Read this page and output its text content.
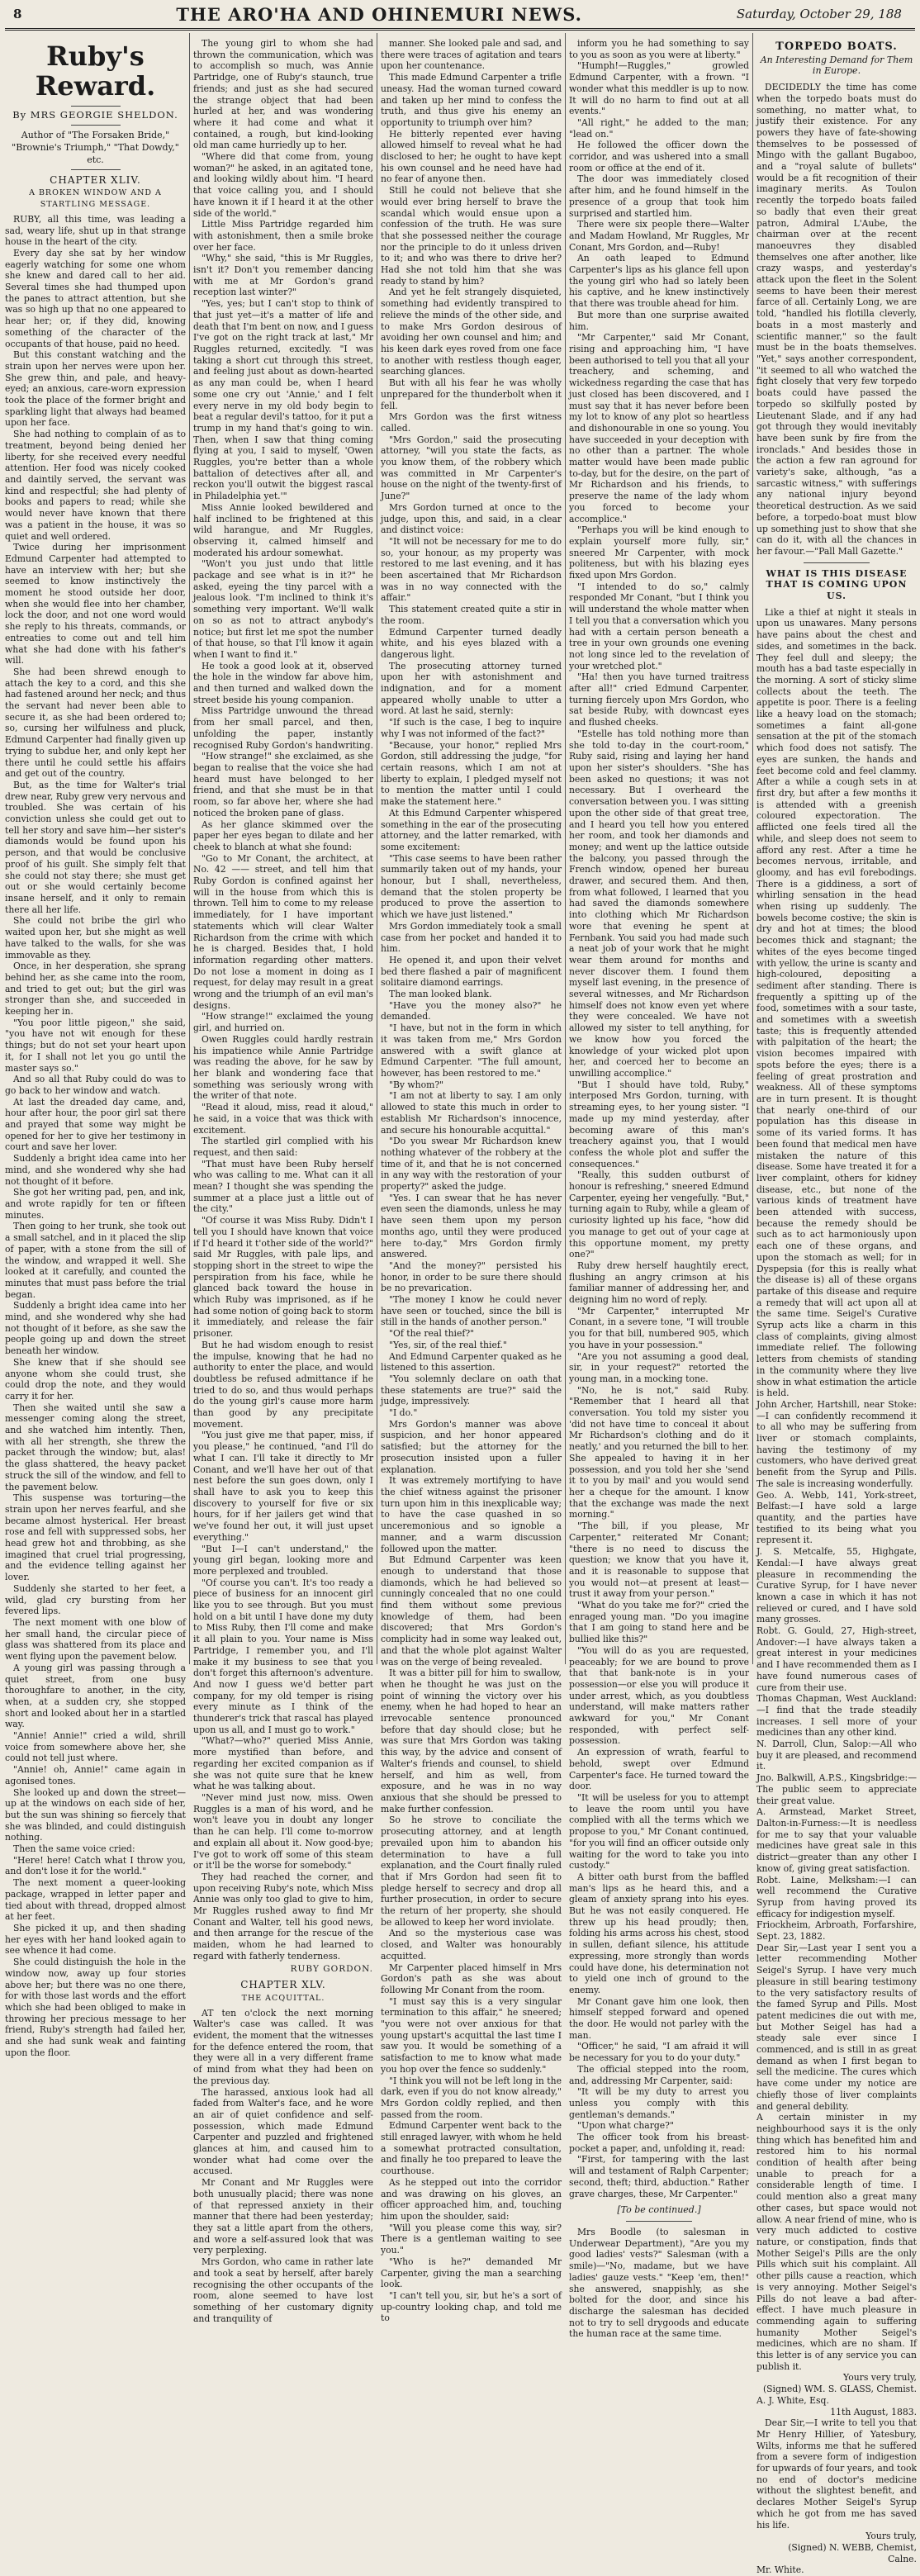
8	THE ARO'HA AND OHINEMURI NEWS.	Saturday, October 29, 188
Ruby's Reward.
By MRS GEORGIE SHELDON.
Author of "The Forsaken Bride," "Brownie's Triumph," "That Dowdy," etc.
CHAPTER XLIV.
A BROKEN WINDOW AND A STARTLING MESSAGE.

RUBY, all this time, was leading a sad, weary life, shut up in that strange house in the heart of the city.

Every day she sat by her window eagerly watching for some one whom she knew and dared call to her aid. Several times she had thumped upon the panes to attract attention, but she was so high up that no one appeared to hear her; or, if they did, knowing something of the character of the occupants of that house, paid no heed.

But this constant watching and the strain upon her nerves were upon her. She grew thin, and pale, and heavy-eyed; an anxious, care-worn expression took the place of the former bright and sparkling light that always had beamed upon her face.

She had nothing to complain of as to treatment, beyond being denied her liberty, for she received every needful attention. Her food was nicely cooked and daintily served, the servant was kind and respectful; she had plenty of books and papers to read; while she would never have known that there was a patient in the house, it was so quiet and well ordered.

Twice during her imprisonment Edmund Carpenter had attempted to have an interview with her; but she seemed to know instinctively the moment he stood outside her door, when she would flee into her chamber, lock the door, and not one word would she reply to his threats, commands, or entreaties to come out and tell him what she had done with his father's will.

She had been shrewd enough to attach the key to a cord, and this she had fastened around her neck; and thus the servant had never been able to secure it, as she had been ordered to; so, cursing her wilfulness and pluck, Edmund Carpenter had finally given up trying to subdue her, and only kept her there until he could settle his affairs and get out of the country.

But, as the time for Walter's trial drew near, Ruby grew very nervous and troubled. She was certain of his conviction unless she could get out to tell her story and save him—her sister's diamonds would be found upon his person, and that would be conclusive proof of his guilt. She simply felt that she could not stay there; she must get out or she would certainly become insane herself, and it only to remain there all her life.

She could not bribe the girl who waited upon her, but she might as well have talked to the walls, for she was immovable as they.

Once, in her desperation, she sprang behind her, as she came into the room, and tried to get out; but the girl was stronger than she, and succeeded in keeping her in.

"You poor little pigeon," she said, "you have not wit enough for these things; but do not set your heart upon it, for I shall not let you go until the master says so."

And so all that Ruby could do was to go back to her window and watch.

At last the dreaded day came, and, hour after hour, the poor girl sat there and prayed that some way might be opened for her to give her testimony in court and save her lover.

Suddenly a bright idea came into her mind, and she wondered why she had not thought of it before.

She got her writing pad, pen, and ink, and wrote rapidly for ten or fifteen minutes.

Then going to her trunk, she took out a small satchel, and in it placed the slip of paper, with a stone from the sill of the window, and wrapped it well. She looked at it carefully, and counted the minutes that must pass before the trial began.

Suddenly a bright idea came into her mind, and she wondered why she had not thought of it before, as she saw the people going up and down the street beneath her window.

She knew that if she should see anyone whom she could trust, she could drop the note, and they would carry it for her.

Then she waited until she saw a messenger coming along the street, and she watched him intently. Then, with all her strength, she threw the packet through the window; but, alas! the glass shattered, the heavy packet struck the sill of the window, and fell to the pavement below.

This suspense was torturing—the strain upon her nerves fearful, and she became almost hysterical. Her breast rose and fell with suppressed sobs, her head grew hot and throbbing, as she imagined that cruel trial progressing, and the evidence telling against her lover.

Suddenly she started to her feet, a wild, glad cry bursting from her fevered lips.

The next moment with one blow of her small hand, the circular piece of glass was shattered from its place and went flying upon the pavement below.

A young girl was passing through a quiet street, from one busy thoroughfare to another, in the city, when, at a sudden cry, she stopped short and looked about her in a startled way.

"Annie! Annie!" cried a wild, shrill voice from somewhere above her, she could not tell just where.

"Annie! oh, Annie!" came again in agonised tones.

She looked up and down the street—up at the windows on each side of her, but the sun was shining so fiercely that she was blinded, and could distinguish nothing.

Then the same voice cried:

"Here! here! Catch what I throw you, and don't lose it for the world."

The next moment a queer-looking package, wrapped in letter paper and tied about with thread, dropped almost at her feet.

She picked it up, and then shading her eyes with her hand looked again to see whence it had come.

She could distinguish the hole in the window now, away up four stories above her; but there was no one there, for with those last words and the effort which she had been obliged to make in throwing her precious message to her friend, Ruby's strength had failed her, and she had sunk weak and fainting upon the floor.

The young girl to whom she had thrown the communication, which was to accomplish so much, was Annie Partridge, one of Ruby's staunch, true friends; and just as she had secured the strange object that had been hurled at her, and was wondering where it had come and what it contained, a rough, but kind-looking old man came hurriedly up to her.

"Where did that come from, young woman?" he asked, in an agitated tone, and looking wildly about him. "I heard that voice calling you, and I should have known it if I heard it at the other side of the world."

Little Miss Partridge regarded him with astonishment, then a smile broke over her face.

"Why," she said, "this is Mr Ruggles, isn't it? Don't you remember dancing with me at Mr Gordon's grand reception last winter?"

"Yes, yes; but I can't stop to think of that just yet—it's a matter of life and death that I'm bent on now, and I guess I've got on the right track at last," Mr Ruggles returned, excitedly. "I was taking a short cut through this street, and feeling just about as down-hearted as any man could be, when I heard some one cry out 'Annie,' and I felt every nerve in my old body begin to beat a regular devil's tattoo, for it put a trump in my hand that's going to win. Then, when I saw that thing coming flying at you, I said to myself, 'Owen Ruggles, you're better than a whole battalion of detectives after all, and reckon you'll outwit the biggest rascal in Philadelphia yet.'"

Miss Annie looked bewildered and half inclined to be frightened at this wild harangue, and Mr Ruggles, observing it, calmed himself and moderated his ardour somewhat.

"Won't you just undo that little package and see what is in it?" he asked, eyeing the tiny parcel with a jealous look. "I'm inclined to think it's something very important. We'll walk on so as not to attract anybody's notice; but first let me spot the number of that house, so that I'll know it again when I want to find it."

He took a good look at it, observed the hole in the window far above him, and then turned and walked down the street beside his young companion.

Miss Partridge unwound the thread from her small parcel, and then, unfolding the paper, instantly recognised Ruby Gordon's handwriting.

"How strange!" she exclaimed, as she began to realise that the voice she had heard must have belonged to her friend, and that she must be in that room, so far above her, where she had noticed the broken pane of glass.

As her glance skimmed over the paper her eyes began to dilate and her cheek to blanch at what she found:

"Go to Mr Conant, the architect, at No. 42 —— street, and tell him that Ruby Gordon is confined against her will in the house from which this is thrown. Tell him to come to my release immediately, for I have important statements which will clear Walter Richardson from the crime with which he is charged. Besides that, I hold information regarding other matters. Do not lose a moment in doing as I request, for delay may result in a great wrong and the triumph of an evil man's designs.

"How strange!" exclaimed the young girl, and hurried on.

Owen Ruggles could hardly restrain his impatience while Annie Partridge was reading the above, for he saw by her blank and wondering face that something was seriously wrong with the writer of that note.

"Read it aloud, miss, read it aloud," he said, in a voice that was thick with excitement.

The startled girl complied with his request, and then said:

"That must have been Ruby herself who was calling to me. What can it all mean? I thought she was spending the summer at a place just a little out of the city."

"Of course it was Miss Ruby. Didn't I tell you I should have known that voice if I'd heard it t'other side of the world?" said Mr Ruggles, with pale lips, and stopping short in the street to wipe the perspiration from his face, while he glanced back toward the house in which Ruby was imprisoned, as if he had some notion of going back to storm it immediately, and release the fair prisoner.

But he had wisdom enough to resist the impulse, knowing that he had no authority to enter the place, and would doubtless be refused admittance if he tried to do so, and thus would perhaps do the young girl's cause more harm than good by any precipitate movement.

"You just give me that paper, miss, if you please," he continued, "and I'll do what I can. I'll take it directly to Mr Conant, and we'll have her out of that nest before the sun goes down, only I shall have to ask you to keep this discovery to yourself for five or six hours, for if her jailers get wind that we've found her out, it will just upset everything."

"But I—I can't understand," the young girl began, looking more and more perplexed and troubled.

"Of course you can't. It's too ready a piece of business for an innocent girl like you to see through. But you must hold on a bit until I have done my duty to Miss Ruby, then I'll come and make it all plain to you. Your name is Miss Partridge, I remember you, and I'll make it my business to see that you don't forget this afternoon's adventure. And now I guess we'd better part company, for my old temper is rising every minute as I think of the thunderer's trick that rascal has played upon us all, and I must go to work."

"What?—who?" queried Miss Annie, more mystified than before, and regarding her excited companion as if she was not quite sure that he knew what he was talking about.

"Never mind just now, miss. Owen Ruggles is a man of his word, and he won't leave you in doubt any longer than he can help. I'll come to-morrow and explain all about it. Now good-bye; I've got to work off some of this steam or it'll be the worse for somebody."

They had reached the corner, and upon receiving Ruby's note, which Miss Annie was only too glad to give to him, Mr Ruggles rushed away to find Mr Conant and Walter, tell his good news, and then arrange for the rescue of the maiden, whom he had learned to regard with fatherly tenderness.

RUBY GORDON.
CHAPTER XLV.
THE ACQUITTAL.

AT ten o'clock the next morning Walter's case was called. It was evident, the moment that the witnesses for the defence entered the room, that they were all in a very different frame of mind from what they had been on the previous day.

The harassed, anxious look had all faded from Walter's face, and he wore an air of quiet confidence and self-possession, which made Edmund Carpenter and puzzled and frightened glances at him, and caused him to wonder what had come over the accused.

Mr Conant and Mr Ruggles were both unusually placid; there was none of that repressed anxiety in their manner that there had been yesterday; they sat a little apart from the others, and wore a self-assured look that was very perplexing.

Mrs Gordon, who came in rather late and took a seat by herself, after barely recognising the other occupants of the room, alone seemed to have lost something of her customary dignity and tranquility of

manner. She looked pale and sad, and there were traces of agitation and tears upon her countenance.

This made Edmund Carpenter a trifle uneasy. Had the woman turned coward and taken up her mind to confess the truth, and thus give his enemy an opportunity to triumph over him?

He bitterly repented ever having allowed himself to reveal what he had disclosed to her; he ought to have kept his own counsel and he need have had no fear of anyone then.

Still he could not believe that she would ever bring herself to brave the scandal which would ensue upon a confession of the truth. He was sure that she possessed neither the courage nor the principle to do it unless driven to it; and who was there to drive her? Had she not told him that she was ready to stand by him?

And yet he felt strangely disquieted, something had evidently transpired to relieve the minds of the other side, and to make Mrs Gordon desirous of avoiding her own counsel and him; and his keen dark eyes roved from one face to another with restless though eager, searching glances.

But with all his fear he was wholly unprepared for the thunderbolt when it fell.

Mrs Gordon was the first witness called.

"Mrs Gordon," said the prosecuting attorney, "will you state the facts, as you know them, of the robbery which was committed in Mr Carpenter's house on the night of the twenty-first of June?"

Mrs Gordon turned at once to the judge, upon this, and said, in a clear and distinct voice:

"It will not be necessary for me to do so, your honour, as my property was restored to me last evening, and it has been ascertained that Mr Richardson was in no way connected with the affair."

This statement created quite a stir in the room.

Edmund Carpenter turned deadly white, and his eyes blazed with a dangerous light.

The prosecuting attorney turned upon her with astonishment and indignation, and for a moment appeared wholly unable to utter a word. At last he said, sternly:

"If such is the case, I beg to inquire why I was not informed of the fact?"

"Because, your honor," replied Mrs Gordon, still addressing the judge, "for certain reasons, which I am not at liberty to explain, I pledged myself not to mention the matter until I could make the statement here."

At this Edmund Carpenter whispered something in the ear of the prosecuting attorney, and the latter remarked, with some excitement:

"This case seems to have been rather summarily taken out of my hands, your honour, but I shall, nevertheless, demand that the stolen property be produced to prove the assertion to which we have just listened."

Mrs Gordon immediately took a small case from her pocket and handed it to him.

He opened it, and upon their velvet bed there flashed a pair of magnificent solitaire diamond earrings.

The man looked blank.

"Have you the money also?" he demanded.

"I have, but not in the form in which it was taken from me," Mrs Gordon answered with a swift glance at Edmund Carpenter. "The full amount, however, has been restored to me."

"By whom?"

"I am not at liberty to say. I am only allowed to state this much in order to establish Mr Richardson's innocence, and secure his honourable acquittal."

"Do you swear Mr Richardson knew nothing whatever of the robbery at the time of it, and that he is not concerned in any way with the restoration of your property?" asked the judge.

"Yes. I can swear that he has never even seen the diamonds, unless he may have seen them upon my person months ago, until they were produced here to-day," Mrs Gordon firmly answered.

"And the money?" persisted his honor, in order to be sure there should be no prevarication.

"The money I know he could never have seen or touched, since the bill is still in the hands of another person."

"Of the real thief?"

"Yes, sir, of the real thief."

And Edmund Carpenter quaked as he listened to this assertion.

"You solemnly declare on oath that these statements are true?" said the judge, impressively.

"I do."

Mrs Gordon's manner was above suspicion, and her honor appeared satisfied; but the attorney for the prosecution insisted upon a fuller explanation.

It was extremely mortifying to have the chief witness against the prisoner turn upon him in this inexplicable way; to have the case quashed in so unceremonious and so ignoble a manner, and a warm discussion followed upon the matter.

But Edmund Carpenter was keen enough to understand that those diamonds, which he had believed so cunningly concealed that no one could find them without some previous knowledge of them, had been discovered; that Mrs Gordon's complicity had in some way leaked out, and that the whole plot against Walter was on the verge of being revealed.

It was a bitter pill for him to swallow, when he thought he was just on the point of winning the victory over his enemy, when he had hoped to hear an irrevocable sentence pronounced before that day should close; but he was sure that Mrs Gordon was taking this way, by the advice and consent of Walter's friends and counsel, to shield herself, and him as well, from exposure, and he was in no way anxious that she should be pressed to make further confession.

So he strove to conciliate the prosecuting attorney, and at length prevailed upon him to abandon his determination to have a full explanation, and the Court finally ruled that if Mrs Gordon had seen fit to pledge herself to secrecy and drop all further prosecution, in order to secure the return of her property, she should be allowed to keep her word inviolate.

And so the mysterious case was closed, and Walter was honourably acquitted.

Mr Carpenter placed himself in Mrs Gordon's path as she was about following Mr Conant from the room.

"I must say this is a very singular termination to this affair," he sneered; "you were not over anxious for that young upstart's acquittal the last time I saw you. It would be something of a satisfaction to me to know what made you hop over the fence so suddenly."

"I think you will not be left long in the dark, even if you do not know already," Mrs Gordon coldly replied, and then passed from the room.

Edmund Carpenter went back to the still enraged lawyer, with whom he held a somewhat protracted consultation, and finally he too prepared to leave the courthouse.

As he stepped out into the corridor and was drawing on his gloves, an officer approached him, and, touching him upon the shoulder, said:

"Will you please come this way, sir? There is a gentleman waiting to see you."

"Who is he?" demanded Mr Carpenter, giving the man a searching look.

"I can't tell you, sir, but he's a sort of up-country looking chap, and told me to

inform you he had something to say to you as soon as you were at liberty."

"Humph!—Ruggles," growled Edmund Carpenter, with a frown. "I wonder what this meddler is up to now. It will do no harm to find out at all events."

"All right," he added to the man; "lead on."

He followed the officer down the corridor, and was ushered into a small room or office at the end of it.

The door was immediately closed after him, and he found himself in the presence of a group that took him surprised and startled him.

There were six people there—Walter and Madam Howland, Mr Ruggles, Mr Conant, Mrs Gordon, and—Ruby!

An oath leaped to Edmund Carpenter's lips as his glance fell upon the young girl who had so lately been his captive, and he knew instinctively that there was trouble ahead for him.

But more than one surprise awaited him.

"Mr Carpenter," said Mr Conant, rising and approaching him, "I have been authorised to tell you that all your treachery, and scheming, and wickedness regarding the case that has just closed has been discovered, and I must say that it has never before been my lot to know of any plot so heartless and dishonourable in one so young. You have succeeded in your deception with no other than a partner. The whole matter would have been made public to-day, but for the desire, on the part of Mr Richardson and his friends, to preserve the name of the lady whom you forced to become your accomplice."

"Perhaps you will be kind enough to explain yourself more fully, sir," sneered Mr Carpenter, with mock politeness, but with his blazing eyes fixed upon Mrs Gordon.

"I intended to do so," calmly responded Mr Conant, "but I think you will understand the whole matter when I tell you that a conversation which you had with a certain person beneath a tree in your own grounds one evening not long since led to the revelation of your wretched plot."

"Ha! then you have turned traitress after all!" cried Edmund Carpenter, turning fiercely upon Mrs Gordon, who sat beside Ruby, with downcast eyes and flushed cheeks.

"Estelle has told nothing more than she told to-day in the court-room," Ruby said, rising and laying her hand upon her sister's shoulders. "She has been asked no questions; it was not necessary. But I overheard the conversation between you. I was sitting upon the other side of that great tree, and I heard you tell how you entered her room, and took her diamonds and money; and went up the lattice outside the balcony, you passed through the French window, opened her bureau drawer, and secured them. And then, from what followed, I learned that you had saved the diamonds somewhere into clothing which Mr Richardson wore that evening he spent at Fernbank. You said you had made such a neat job of your work that he might wear them around for months and never discover them. I found them myself last evening, in the presence of several witnesses, and Mr Richardson himself does not know even yet where they were concealed. We have not allowed my sister to tell anything, for we know how you forced the knowledge of your wicked plot upon her, and coerced her to become an unwilling accomplice."

"But I should have told, Ruby," interposed Mrs Gordon, turning, with streaming eyes, to her young sister. "I made up my mind yesterday, after becoming aware of this man's treachery against you, that I would confess the whole plot and suffer the consequences."

"Really, this sudden outburst of honour is refreshing," sneered Edmund Carpenter, eyeing her vengefully. "But," turning again to Ruby, while a gleam of curiosity lighted up his face, "how did you manage to get out of your cage at this opportune moment, my pretty one?"

Ruby drew herself haughtily erect, flushing an angry crimson at his familiar manner of addressing her, and deigning him no word of reply.

"Mr Carpenter," interrupted Mr Conant, in a severe tone, "I will trouble you for that bill, numbered 905, which you have in your possession."

"Are you not assuming a good deal, sir, in your request?" retorted the young man, in a mocking tone.

"No, he is not," said Ruby. "Remember that I heard all that conversation. You told my sister you 'did not have time to conceal it about Mr Richardson's clothing and do it neatly,' and you returned the bill to her. She appealed to having it in her possession, and you told her she 'send it to you by mail' and you would send her a cheque for the amount. I know that the exchange was made the next morning."

"The bill, if you please, Mr Carpenter," reiterated Mr Conant; "there is no need to discuss the question; we know that you have it, and it is reasonable to suppose that you would not—at present at least—trust it away from your person."

"What do you take me for?" cried the enraged young man. "Do you imagine that I am going to stand here and be bullied like this?"

"You will do as you are requested, peaceably; for we are bound to prove that that bank-note is in your possession—or else you will produce it under arrest, which, as you doubtless understand, will make matters rather awkward for you," Mr Conant responded, with perfect self-possession.

An expression of wrath, fearful to behold, swept over Edmund Carpenter's face. He turned toward the door.

"It will be useless for you to attempt to leave the room until you have complied with all the terms which we propose to you," Mr Conant continued, "for you will find an officer outside only waiting for the word to take you into custody."

A bitter oath burst from the baffled man's lips as he heard this, and a gleam of anxiety sprang into his eyes. But he was not easily conquered. He threw up his head proudly; then, folding his arms across his chest, stood in sullen, defiant silence, his attitude expressing, more strongly than words could have done, his determination not to yield one inch of ground to the enemy.

Mr Conant gave him one look, then himself stepped forward and opened the door. He would not parley with the man.

"Officer," he said, "I am afraid it will be necessary for you to do your duty."

The official stepped into the room, and, addressing Mr Carpenter, said:

"It will be my duty to arrest you unless you comply with this gentleman's demands."

"Upon what charge?"

The officer took from his breast-pocket a paper, and, unfolding it, read:

"First, for tampering with the last will and testament of Ralph Carpenter; second, theft; third, abduction." Rather grave charges, these, Mr Carpenter."

[To be continued.]

Mrs Boodle (to salesman in Underwear Department), "Are you my good ladies' vests?" Salesman (with a smile)—"No, madame, but we have ladies' gauze vests." "Keep 'em, then!" she answered, snappishly, as she bolted for the door, and since his discharge the salesman has decided not to try to sell drygoods and educate the human race at the same time.

TORPEDO BOATS.
An Interesting Demand for Them in Europe.

DECIDEDLY the time has come when the torpedo boats must do something, no matter what, to justify their existence. For any powers they have of fate-showing themselves to be possessed of Mingo with the gallant Bugaboo, and a "royal salute of bullets" would be a fit recognition of their imaginary merits. As Toulon recently the torpedo boats failed so badly that even their great patron, Admiral L'Aube, the chairman over at the recent manoeuvres they disabled themselves one after another, like crazy wasps, and yesterday's attack upon the fleet in the Solent seems to have been their merest farce of all. Certainly Long, we are told, "handled his flotilla cleverly, boats in a most masterly and scientific manner," so the fault must be in the boats themselves. "Yet," says another correspondent, "it seemed to all who watched the fight closely that very few torpedo boats could have passed the torpedo so skilfully posted by Lieutenant Slade, and if any had got through they would inevitably have been sunk by fire from the ironclads." And besides those in the action a few ran aground for variety's sake, although, "as a sarcastic witness," with sufferings any national injury beyond theoretical destruction. As we said before, a torpedo-boat must blow up something just to show that she can do it, with all the chances in her favour.—"Pall Mall Gazette."

WHAT IS THIS DISEASE THAT IS COMING UPON US.

Like a thief at night it steals in upon us unawares. Many persons have pains about the chest and sides, and sometimes in the back. They feel dull and sleepy; the mouth has a bad taste especially in the morning. A sort of sticky slime collects about the teeth. The appetite is poor. There is a feeling like a heavy load on the stomach; sometimes a faint all-gone sensation at the pit of the stomach which food does not satisfy. The eyes are sunken, the hands and feet become cold and feel clammy. After a while a cough sets in at first dry, but after a few months it is attended with a greenish coloured expectoration. The afflicted one feels tired all the while, and sleep does not seem to afford any rest. After a time he becomes nervous, irritable, and gloomy, and has evil forebodings. There is a giddiness, a sort of whirling sensation in the head when rising up suddenly. The bowels become costive; the skin is dry and hot at times; the blood becomes thick and stagnant; the whites of the eyes become tinged with yellow, the urine is scanty and high-coloured, depositing a sediment after standing. There is frequently a spitting up of the food, sometimes with a sour taste, and sometimes with a sweetish taste; this is frequently attended with palpitation of the heart; the vision becomes impaired with spots before the eyes; there is a feeling of great prostration and weakness. All of these symptoms are in turn present. It is thought that nearly one-third of our population has this disease in some of its varied forms. It has been found that medical men have mistaken the nature of this disease. Some have treated it for a liver complaint, others for kidney disease, etc., but none of the various kinds of treatment have been attended with success, because the remedy should be such as to act harmoniously upon each one of these organs, and upon the stomach as well; for in Dyspepsia (for this is really what the disease is) all of these organs partake of this disease and require a remedy that will act upon all at the same time. Seigel's Curative Syrup acts like a charm in this class of complaints, giving almost immediate relief. The following letters from chemists of standing in the community where they live show in what estimation the article is held.

John Archer, Hartshill, near Stoke:—I can confidently recommend it to all who may be suffering from liver or stomach complaints, having the testimony of my customers, who have derived great benefit from the Syrup and Pills. The sale is increasing wonderfully.

Geo. A. Webb, 141, York-street, Belfast:—I have sold a large quantity, and the parties have testified to its being what you represent it.

J. S. Metcalfe, 55, Highgate, Kendal:—I have always great pleasure in recommending the Curative Syrup, for I have never known a case in which it has not relieved or cured, and I have sold many grosses.

Robt. G. Gould, 27, High-street, Andover:—I have always taken a great interest in your medicines and I have recommended them as I have found numerous cases of cure from their use.

Thomas Chapman, West Auckland:—I find that the trade steadily increases. I sell more of your medicines than any other kind.

N. Darroll, Clun, Salop:—All who buy it are pleased, and recommend it.

Jno. Balkwill, A.P.S., Kingsbridge:—The public seem to appreciate their great value.

A. Armstead, Market Street, Dalton-in-Furness:—It is needless for me to say that your valuable medicines have great sale in this district—greater than any other I know of, giving great satisfaction.

Robt. Laine, Melksham:—I can well recommend the Curative Syrup from having proved its efficacy for indigestion myself.

Friockheim, Arbroath, Forfarshire, Sept. 23, 1882.

Dear Sir,—Last year I sent you a letter recommending Mother Seigel's Syrup. I have very much pleasure in still bearing testimony to the very satisfactory results of the famed Syrup and Pills. Most patent medicines die out with me, but Mother Seigel has had a steady sale ever since I commenced, and is still in as great demand as when I first began to sell the medicine. The cures which have come under my notice are chiefly those of liver complaints and general debility.

A certain minister in my neighbourhood says it is the only thing which has benefited him and restored him to his normal condition of health after being unable to preach for a considerable length of time. I could mention also a great many other cases, but space would not allow. A near friend of mine, who is very much addicted to costive nature, or constipation, finds that Mother Seigel's Pills are the only Pills which suit his complaint. All other pills cause a reaction, which is very annoying. Mother Seigel's Pills do not leave a bad after-effect. I have much pleasure in commending again to suffering humanity Mother Seigel's medicines, which are no sham. If this letter is of any service you can publish it.

Yours very truly,
(Signed) WM. S. GLASS, Chemist.
A. J. White, Esq.
11th August, 1883.

Dear Sir,—I write to tell you that Mr Henry Hillier, of Yatesbury, Wilts, informs me that he suffered from a severe form of indigestion for upwards of four years, and took no end of doctor's medicine without the slightest benefit, and declares Mother Seigel's Syrup which he got from me has saved his life.

Yours truly,
(Signed) N. WEBB, Chemist, Calne.
Mr. White.
